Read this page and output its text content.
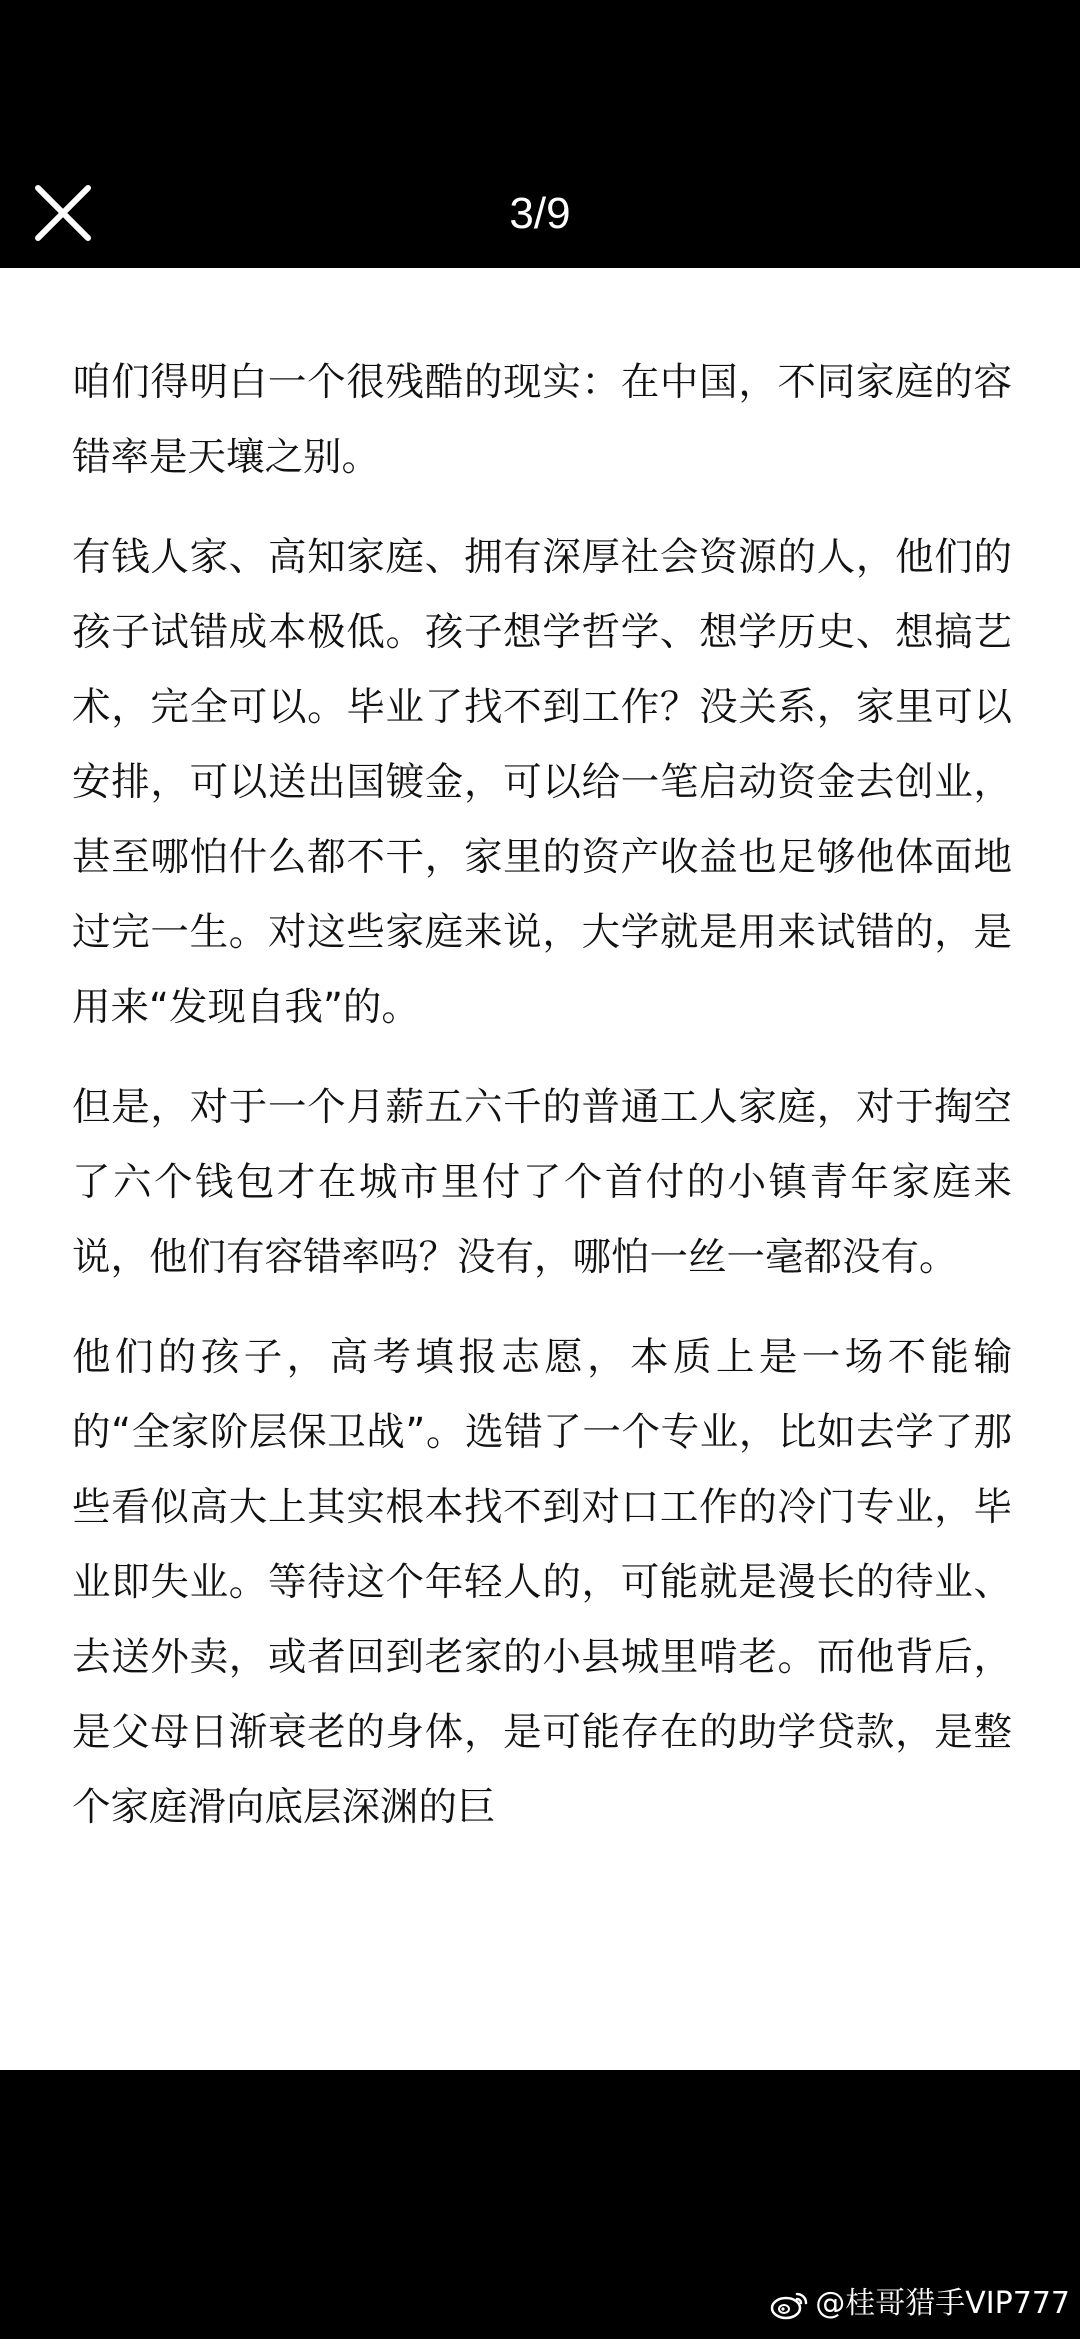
3/9

咱们得明白一个很残酷的现实：在中国，不同家庭的容错率是天壤之别。

有钱人家、高知家庭、拥有深厚社会资源的人，他们的孩子试错成本极低。孩子想学哲学、想学历史、想搞艺术，完全可以。毕业了找不到工作？没关系，家里可以安排，可以送出国镀金，可以给一笔启动资金去创业，甚至哪怕什么都不干，家里的资产收益也足够他体面地过完一生。对这些家庭来说，大学就是用来试错的，是用来“发现自我”的。

但是，对于一个月薪五六千的普通工人家庭，对于掏空了六个钱包才在城市里付了个首付的小镇青年家庭来说，他们有容错率吗？没有，哪怕一丝一毫都没有。

他们的孩子，高考填报志愿，本质上是一场不能输的“全家阶层保卫战”。选错了一个专业，比如去学了那些看似高大上其实根本找不到对口工作的冷门专业，毕业即失业。等待这个年轻人的，可能就是漫长的待业、去送外卖，或者回到老家的小县城里啃老。而他背后，是父母日渐衰老的身体，是可能存在的助学贷款，是整个家庭滑向底层深渊的巨

@桂哥猎手VIP777
